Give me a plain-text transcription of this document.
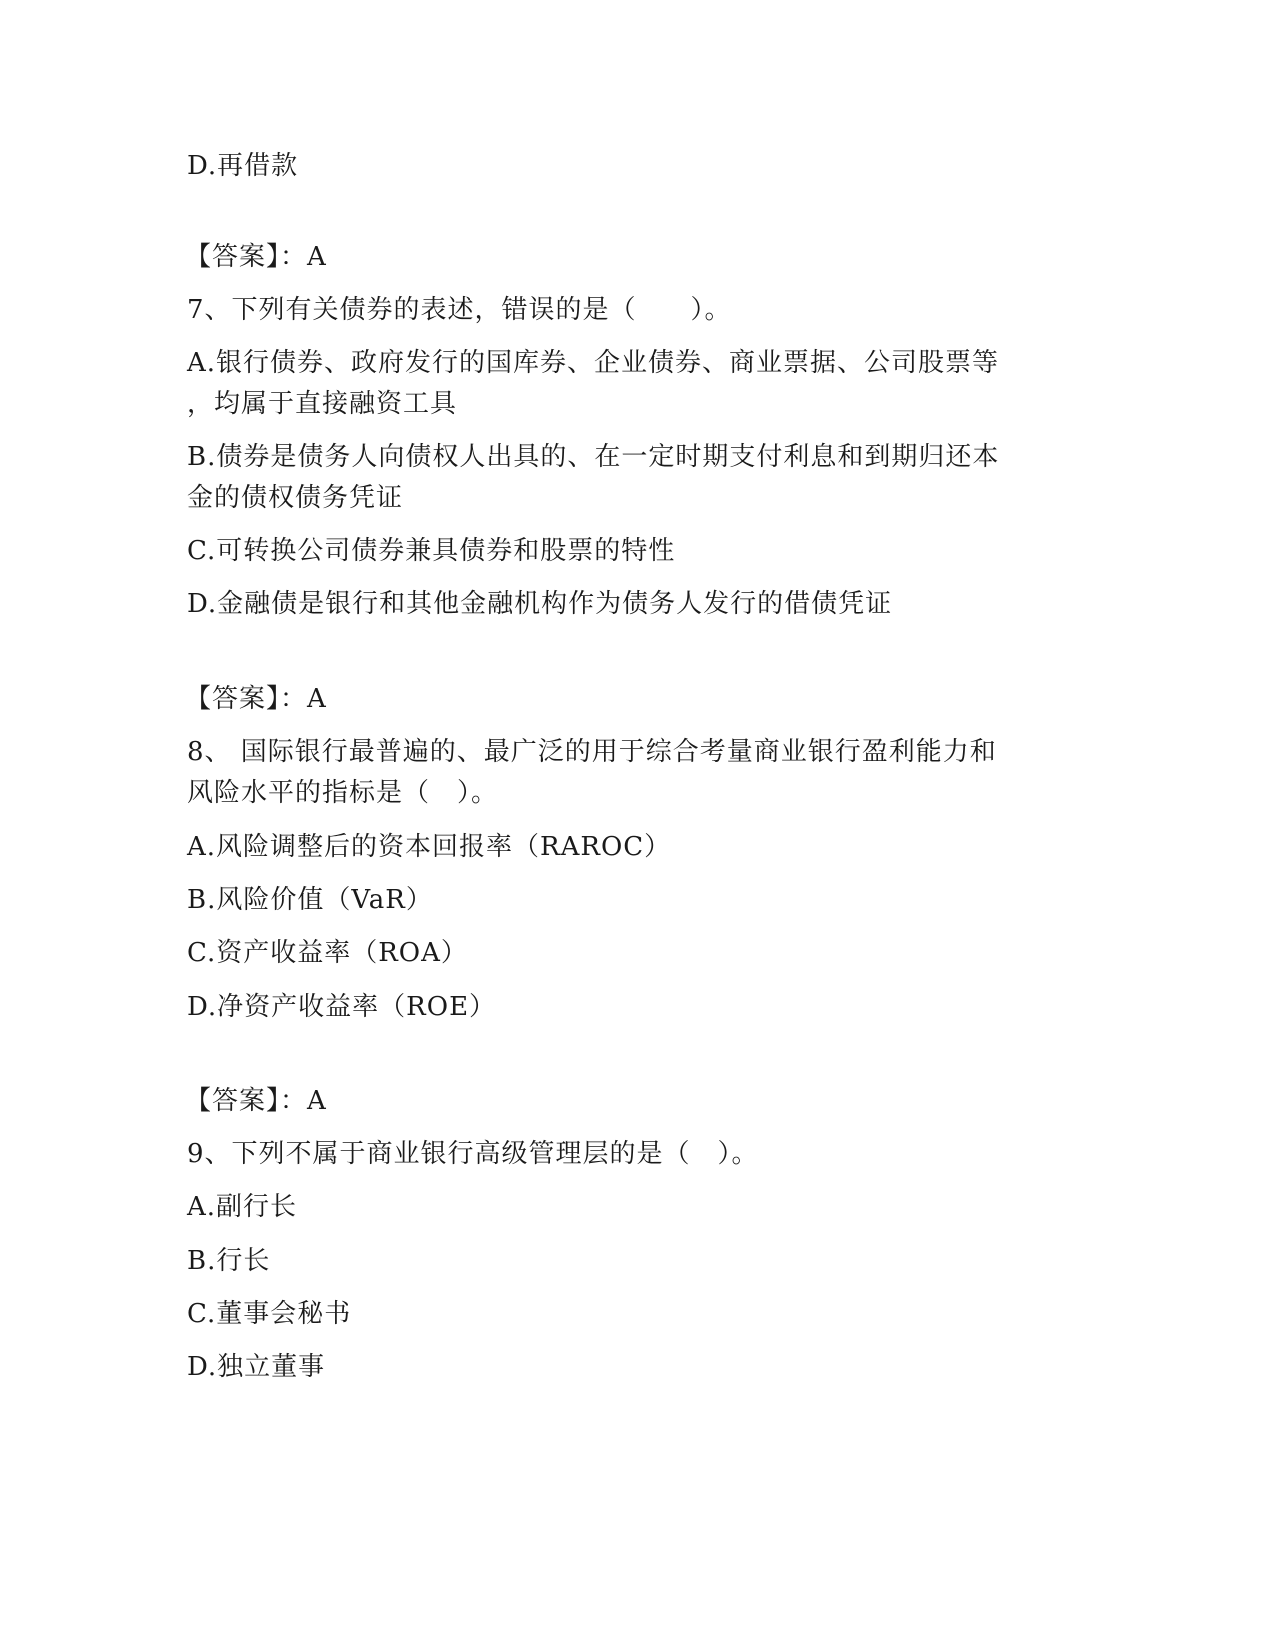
D.再借款
【答案】：A
7、下列有关债券的表述，错误的是（　　）。
A.银行债券、政府发行的国库券、企业债券、商业票据、公司股票等
，均属于直接融资工具
B.债券是债务人向债权人出具的、在一定时期支付利息和到期归还本
金的债权债务凭证
C.可转换公司债券兼具债券和股票的特性
D.金融债是银行和其他金融机构作为债务人发行的借债凭证
【答案】：A
8、 国际银行最普遍的、最广泛的用于综合考量商业银行盈利能力和
风险水平的指标是（　）。
A.风险调整后的资本回报率（RAROC）
B.风险价值（VaR）
C.资产收益率（ROA）
D.净资产收益率（ROE）
【答案】：A
9、下列不属于商业银行高级管理层的是（　）。
A.副行长
B.行长
C.董事会秘书
D.独立董事
